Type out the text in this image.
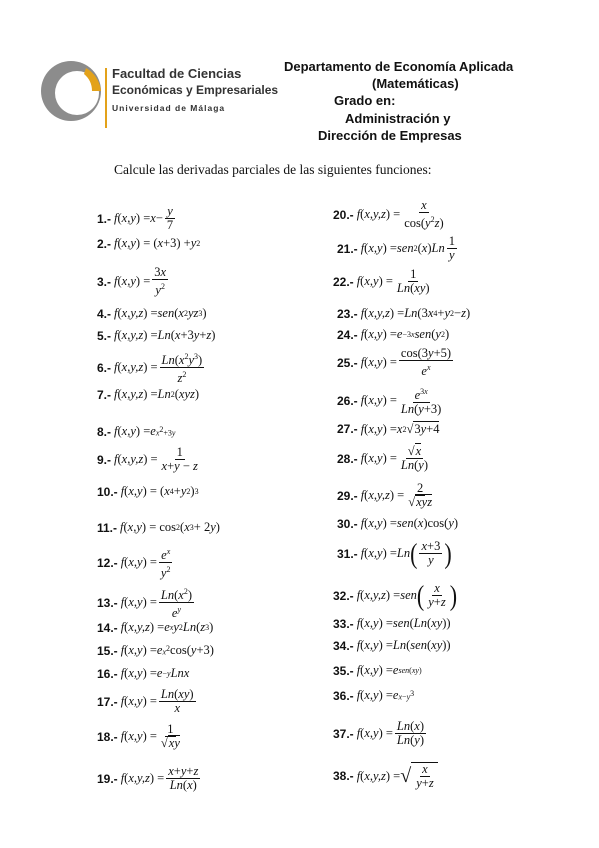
Facultad de Ciencias
Económicas y Empresariales
Universidad de Málaga
Departamento de Economía Aplicada
(Matemáticas)
Grado en:
Administración y
Dirección de Empresas
Calcule las derivadas parciales de las siguientes funciones:
1.- f ( x,y ) = x − y
7
2.- f ( x,y ) = ( x +3) + y 2
3.- f ( x,y ) =
3x
$y^2$
4.- f ( x,y,z ) = sen ( x 2 yz 3 )
5.- f ( x,y,z ) = Ln ( x +3 y + z )
6.- f ( x,y,z ) = $Ln(x^2y^3)$
$z^2$
7.- f ( x,y,z ) = Ln 2 ( xyz )
8.- f ( x,y ) = e $x^2+3y$
9.- f ( x,y,z ) = 1
x+y − z
10.- f ( x,y ) = ( x 4 + y 2 ) 3
11.- f ( x,y ) = cos 2 ( x 3 + 2 y )
12.- f ( x,y ) = $e^x$
$y^2$
13.- f ( x,y ) = $Ln(x^2)$
$e^y$
14.- f ( x,y,z ) = e x y 2 Ln ( z 3 )
15.- f ( x,y ) = e $x^2$ cos( y +3)
16.- f ( x,y ) = e −y Lnx
17.- f ( x,y ) = Ln(xy)
x
18.- f ( x,y ) = 1
√xy
19.- f ( x,y,z ) = x+y+z
Ln(x)
20.- f ( x,y,z ) =
x
$\cos(y^2z)$
21.- f ( x,y ) = sen 2 ( x ) Ln 1
y
22.- f ( x,y ) = 1
Ln(xy)
23.- f ( x,y,z ) = Ln (3 x 4 + y 2 − z )
24.- f ( x,y ) = e −3x sen ( y 2 )
25.- f ( x,y ) =
cos(3y+5)
$e^x$
26.- f ( x,y ) = $e^{3x}$
Ln(y+3)
27.- f ( x,y ) = x 2 √ 3y+4
28.- f ( x,y ) = √x
Ln(y)
29.- f ( x,y,z ) = 2
√xyz
30.- f ( x,y ) = sen ( x )cos( y )
31.- f ( x,y ) = Ln ( x+3
y )
32.- f ( x,y,z ) = sen ( x
y+z )
33.- f ( x,y ) = sen ( Ln ( xy ))
34.- f ( x,y ) = Ln ( sen ( xy ))
35.- f ( x,y ) = e sen(xy)
36.- f ( x,y ) = e $x-y^3$
37.- f ( x,y ) = Ln(x)
Ln(y)
38.- f ( x,y,z ) = √ $\frac{x}{y+z}$
